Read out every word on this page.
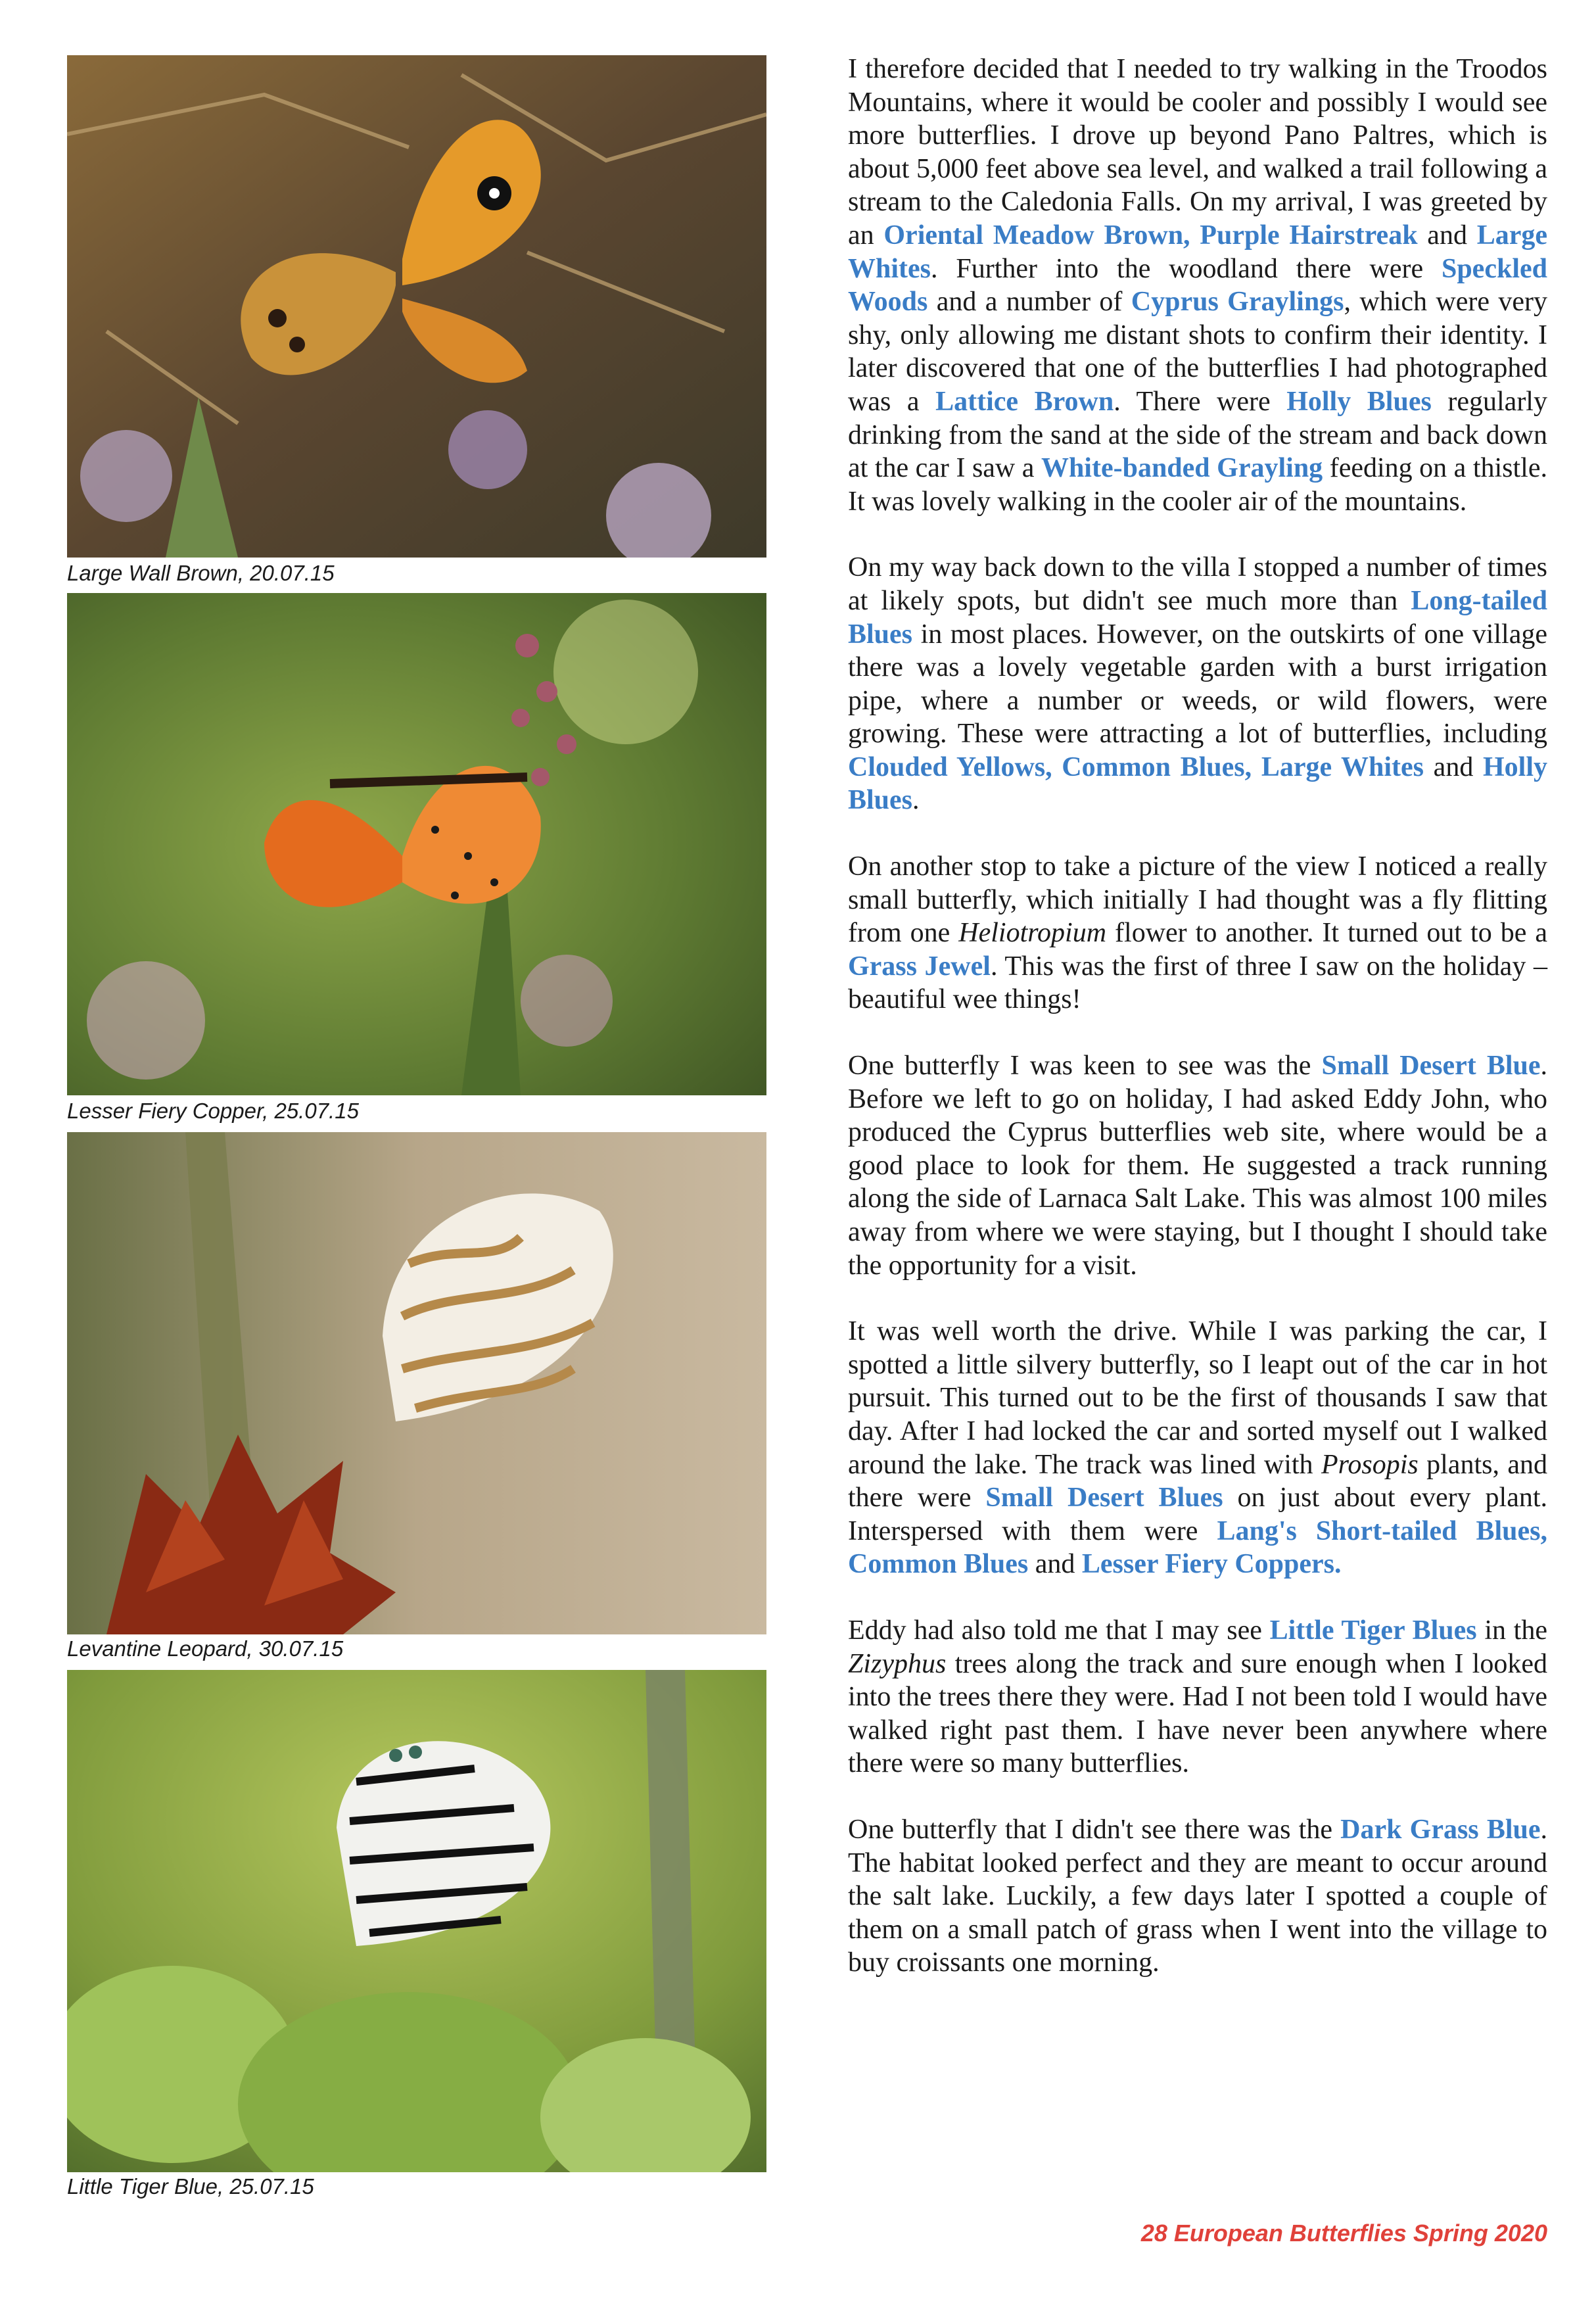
Large Wall Brown, 20.07.15
Lesser Fiery Copper, 25.07.15
Levantine Leopard, 30.07.15
Little Tiger Blue, 25.07.15

I therefore decided that I needed to try walking in the Troodos Mountains, where it would be cooler and possibly I would see more butterflies. I drove up beyond Pano Paltres, which is about 5,000 feet above sea level, and walked a trail following a stream to the Caledonia Falls. On my arrival, I was greeted by an Oriental Meadow Brown, Purple Hairstreak and Large Whites. Further into the woodland there were Speckled Woods and a number of Cyprus Graylings, which were very shy, only allowing me distant shots to confirm their identity. I later discovered that one of the butterflies I had photographed was a Lattice Brown. There were Holly Blues regularly drinking from the sand at the side of the stream and back down at the car I saw a White-banded Grayling feeding on a thistle. It was lovely walking in the cooler air of the mountains.

On my way back down to the villa I stopped a number of times at likely spots, but didn't see much more than Long-tailed Blues in most places. However, on the outskirts of one village there was a lovely vegetable garden with a burst irrigation pipe, where a number or weeds, or wild flowers, were growing. These were attracting a lot of butterflies, including Clouded Yellows, Common Blues, Large Whites and Holly Blues.

On another stop to take a picture of the view I noticed a really small butterfly, which initially I had thought was a fly flitting from one Heliotropium flower to another. It turned out to be a Grass Jewel. This was the first of three I saw on the holiday – beautiful wee things!

One butterfly I was keen to see was the Small Desert Blue. Before we left to go on holiday, I had asked Eddy John, who produced the Cyprus butterflies web site, where would be a good place to look for them. He suggested a track running along the side of Larnaca Salt Lake. This was almost 100 miles away from where we were staying, but I thought I should take the opportunity for a visit.

It was well worth the drive. While I was parking the car, I spotted a little silvery butterfly, so I leapt out of the car in hot pursuit. This turned out to be the first of thousands I saw that day. After I had locked the car and sorted myself out I walked around the lake. The track was lined with Prosopis plants, and there were Small Desert Blues on just about every plant. Interspersed with them were Lang's Short-tailed Blues, Common Blues and Lesser Fiery Coppers.

Eddy had also told me that I may see Little Tiger Blues in the Zizyphus trees along the track and sure enough when I looked into the trees there they were. Had I not been told I would have walked right past them. I have never been anywhere where there were so many butterflies.

One butterfly that I didn't see there was the Dark Grass Blue. The habitat looked perfect and they are meant to occur around the salt lake. Luckily, a few days later I spotted a couple of them on a small patch of grass when I went into the village to buy croissants one morning.

28 European Butterflies Spring 2020
